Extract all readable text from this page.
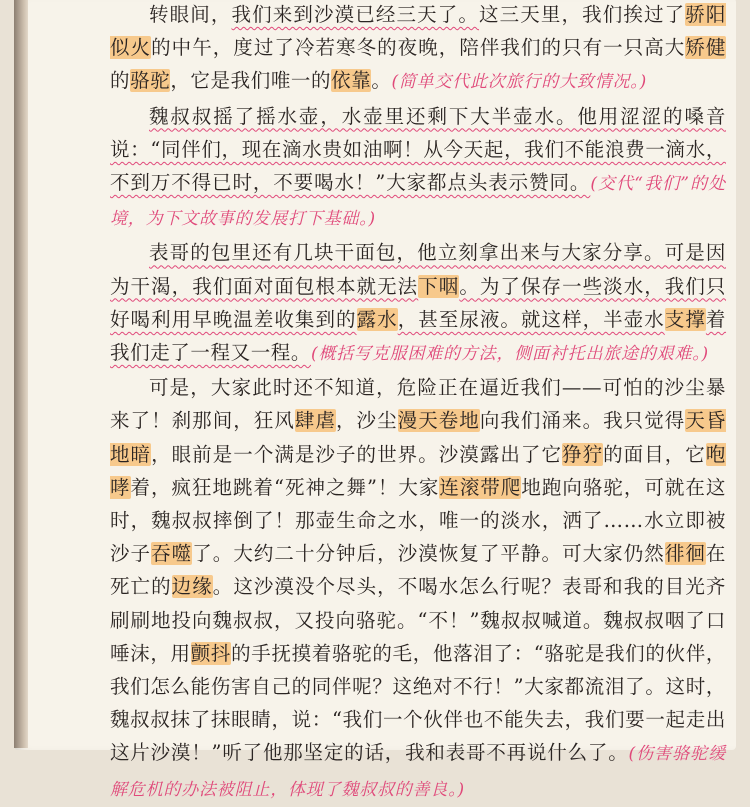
转眼间，我们来到沙漠已经三天了。这三天里，我们挨过了骄阳似火的中午，度过了冷若寒冬的夜晚，陪伴我们的只有一只高大矫健的骆驼，它是我们唯一的依靠。(简单交代此次旅行的大致情况。)

魏叔叔摇了摇水壶，水壶里还剩下大半壶水。他用涩涩的嗓音说：“同伴们，现在滴水贵如油啊！从今天起，我们不能浪费一滴水，不到万不得已时，不要喝水！”大家都点头表示赞同。(交代“我们”的处境，为下文故事的发展打下基础。)

表哥的包里还有几块干面包，他立刻拿出来与大家分享。可是因为干渴，我们面对面包根本就无法下咽。为了保存一些淡水，我们只好喝利用早晚温差收集到的露水，甚至尿液。就这样，半壶水支撑着我们走了一程又一程。(概括写克服困难的方法，侧面衬托出旅途的艰难。)

可是，大家此时还不知道，危险正在逼近我们——可怕的沙尘暴来了！刹那间，狂风肆虐，沙尘漫天卷地向我们涌来。我只觉得天昏地暗，眼前是一个满是沙子的世界。沙漠露出了它狰狞的面目，它咆哮着，疯狂地跳着“死神之舞”！大家连滚带爬地跑向骆驼，可就在这时，魏叔叔摔倒了！那壶生命之水，唯一的淡水，洒了……水立即被沙子吞噬了。大约二十分钟后，沙漠恢复了平静。可大家仍然徘徊在死亡的边缘。这沙漠没个尽头，不喝水怎么行呢？表哥和我的目光齐刷刷地投向魏叔叔，又投向骆驼。“不！”魏叔叔喊道。魏叔叔咽了口唾沫，用颤抖的手抚摸着骆驼的毛，他落泪了：“骆驼是我们的伙伴，我们怎么能伤害自己的同伴呢？这绝对不行！”大家都流泪了。这时，魏叔叔抹了抹眼睛，说：“我们一个伙伴也不能失去，我们要一起走出这片沙漠！”听了他那坚定的话，我和表哥不再说什么了。(伤害骆驼缓解危机的办法被阻止，体现了魏叔叔的善良。)
